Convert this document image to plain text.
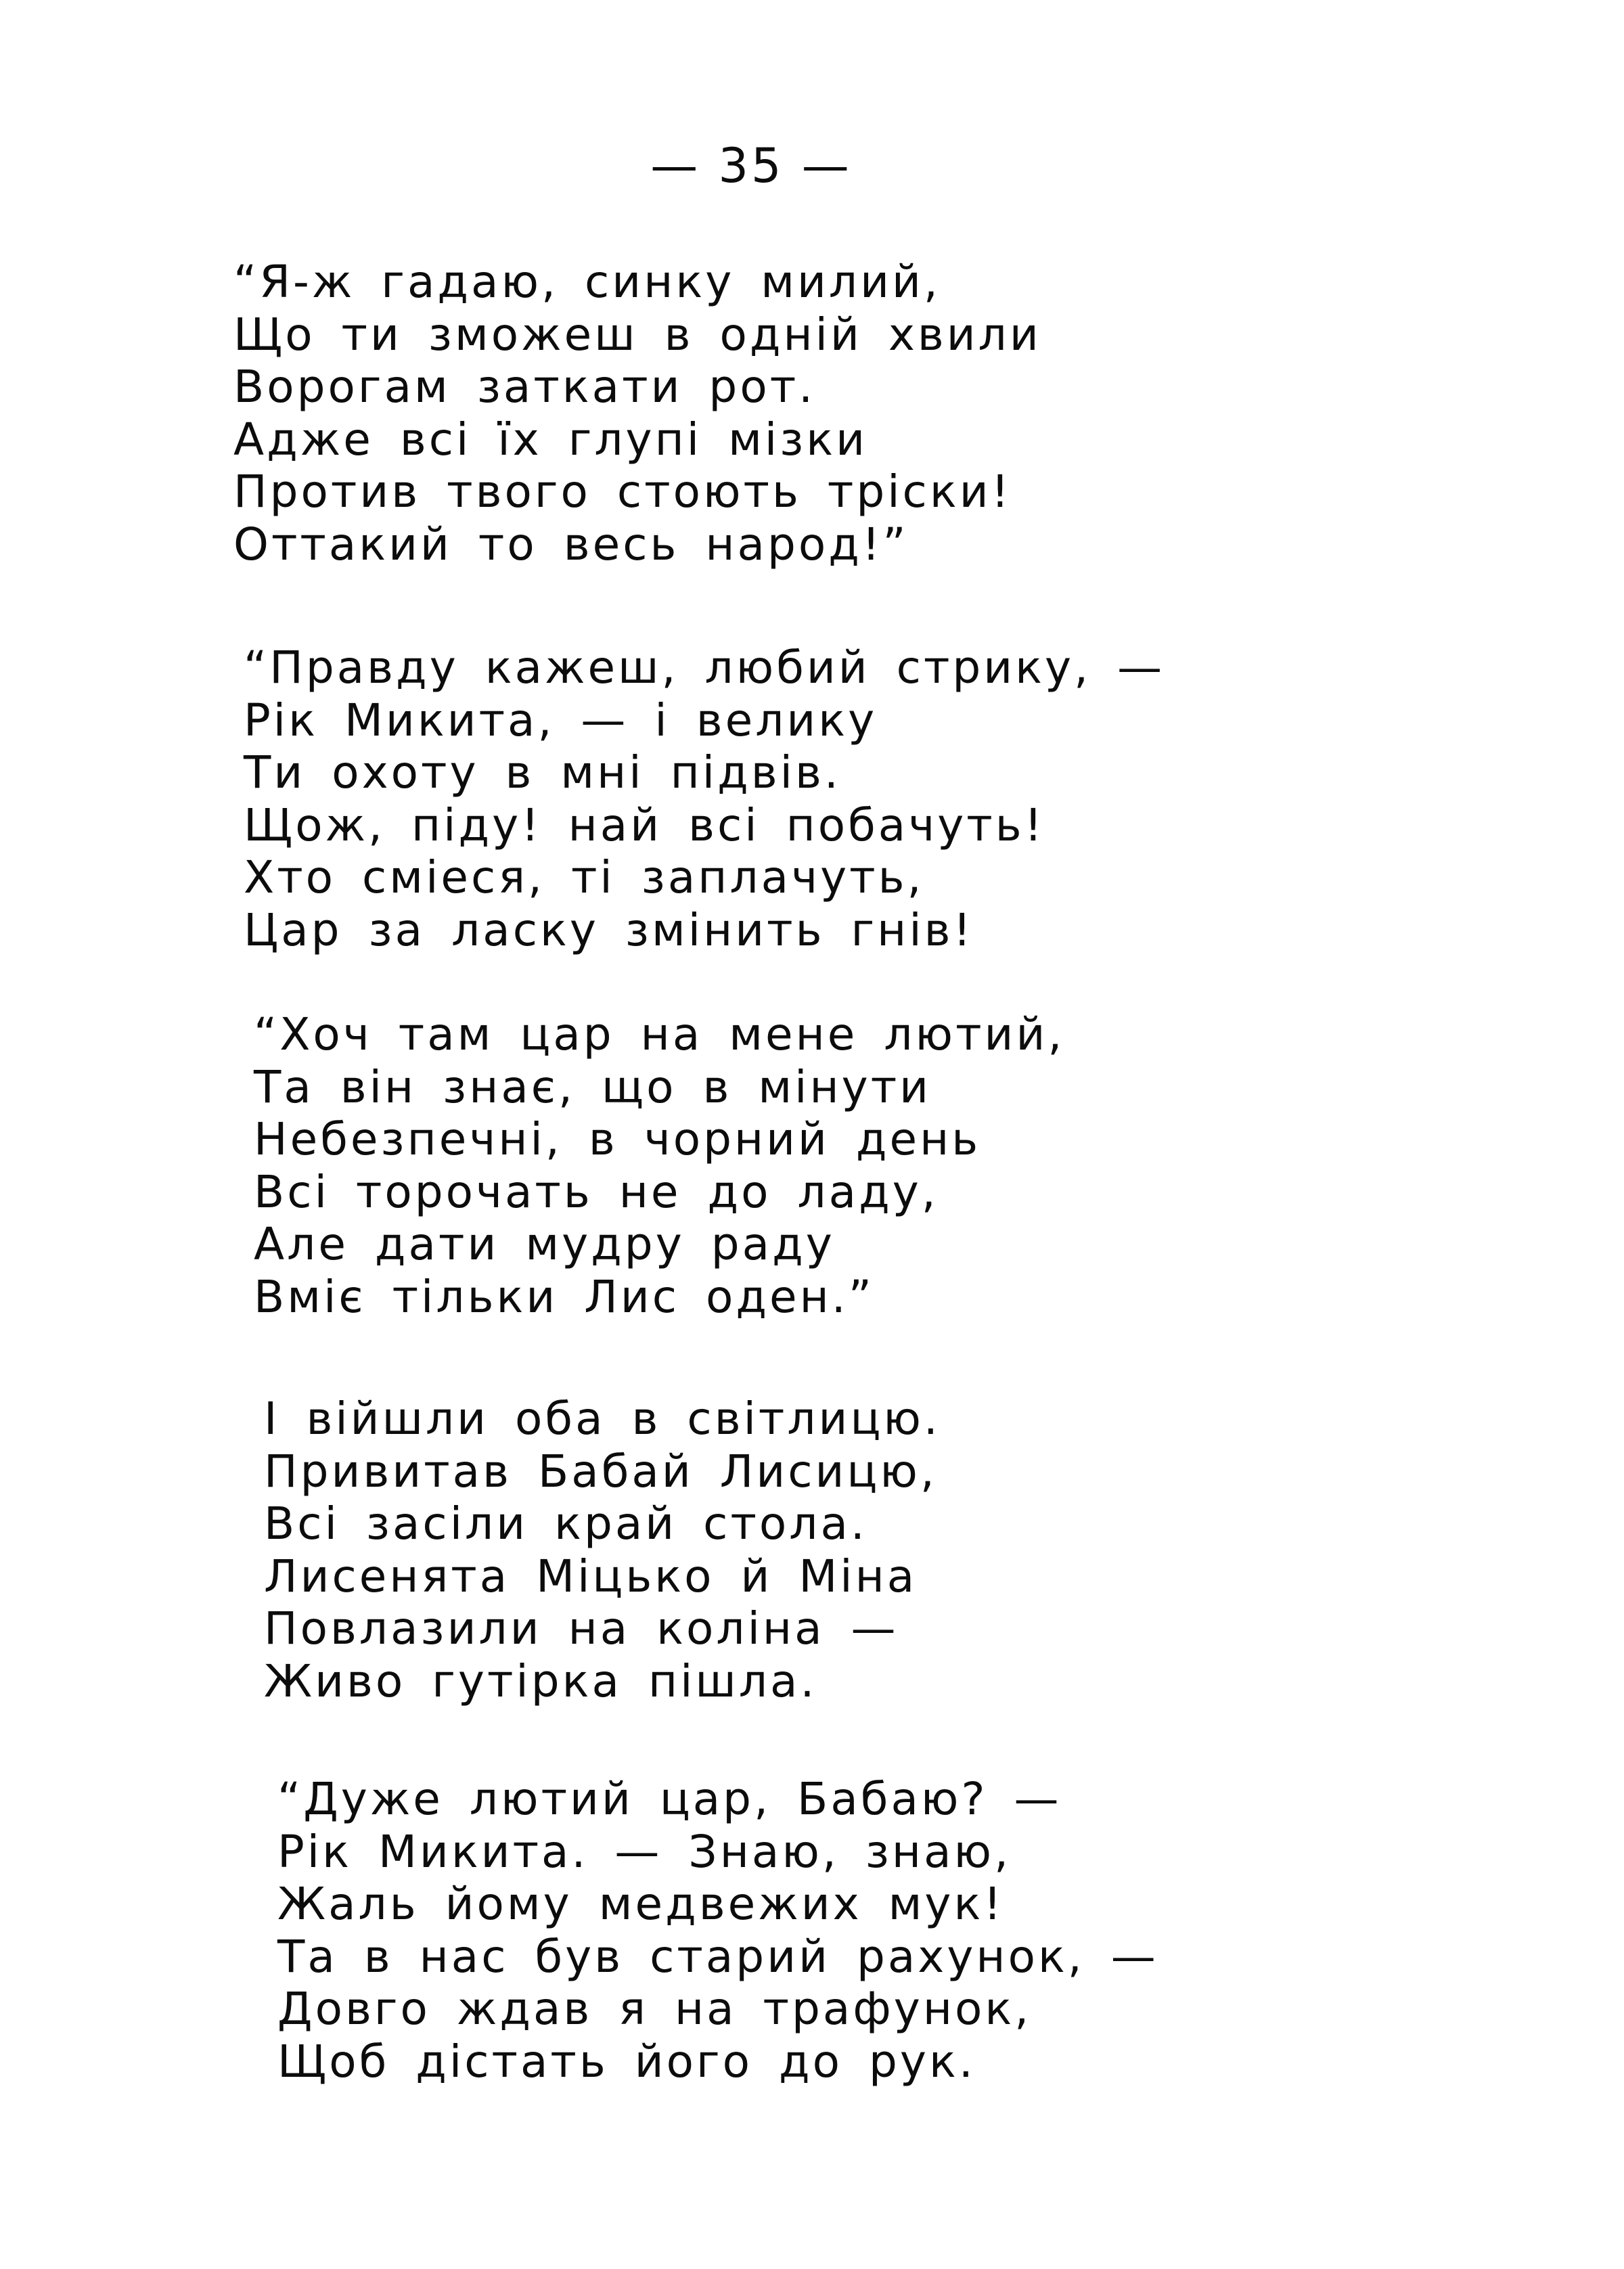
— 35 —
“Я-ж гадаю, синку милий,
Що ти зможеш в одній хвили
Ворогам заткати рот.
Адже всі їх глупі мізки
Против твого стоють тріски!
Оттакий то весь народ!”
“Правду кажеш, любий стрику, —
Рік Микита, — і велику
Ти охоту в мні підвів.
Щож, піду! най всі побачуть!
Хто сміеся, ті заплачуть,
Цар за ласку змінить гнів!
“Хоч там цар на мене лютий,
Та він знає, що в мінути
Небезпечні, в чорний день
Всі торочать не до ладу,
Але дати мудру раду
Вміє тільки Лис оден.”
І війшли оба в світлицю.
Привитав Бабай Лисицю,
Всі засіли край стола.
Лисенята Міцько й Міна
Повлазили на коліна —
Живо гутірка пішла.
“Дуже лютий цар, Бабаю? —
Рік Микита. — Знаю, знаю,
Жаль йому медвежих мук!
Та в нас був старий рахунок, —
Довго ждав я на трафунок,
Щоб дістать його до рук.
